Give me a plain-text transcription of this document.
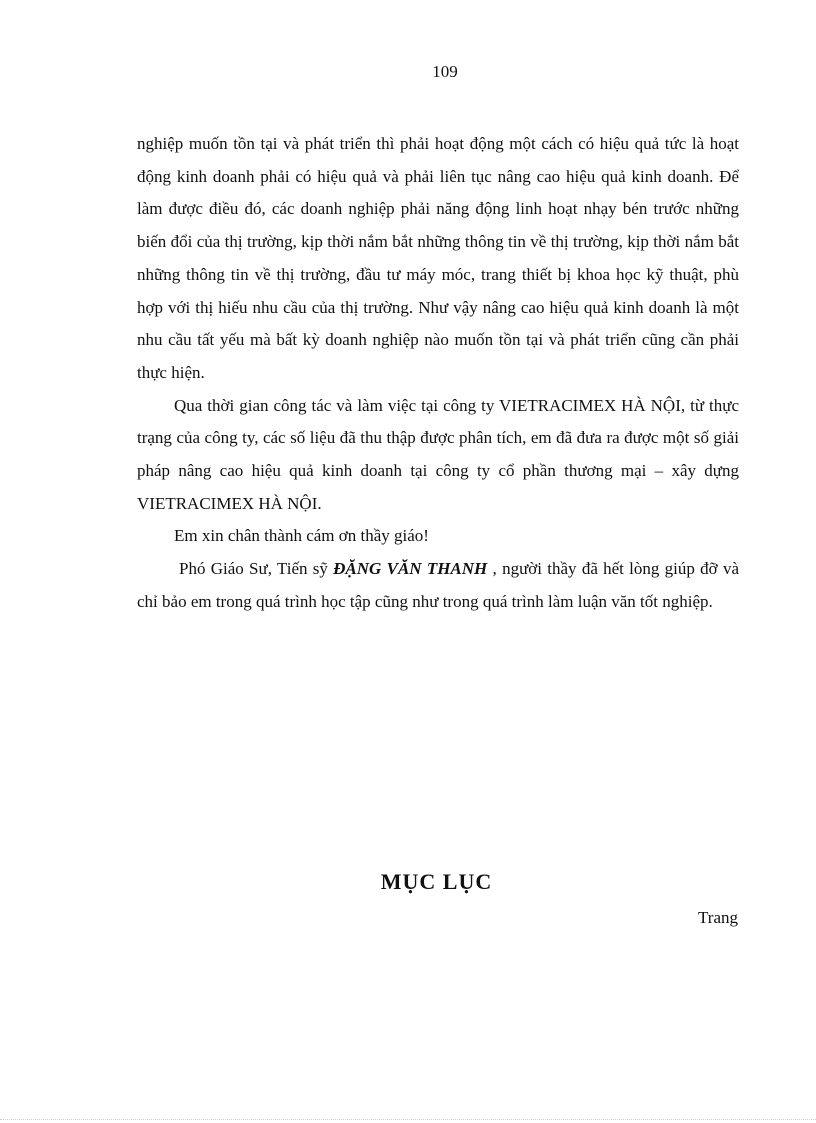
109

nghiệp muốn tồn tại và phát triển thì phải hoạt động một cách có hiệu quả tức là hoạt động kinh doanh phải có hiệu quả và phải liên tục nâng cao hiệu quả kinh doanh. Để làm được điều đó, các doanh nghiệp phải năng động linh hoạt nhạy bén trước những biến đổi của thị trường, kịp thời nắm bắt những thông tin về thị trường, kịp thời nắm bắt những thông tin về thị trường, đầu tư máy móc, trang thiết bị khoa học kỹ thuật, phù hợp với thị hiếu nhu cầu của thị trường. Như vậy nâng cao hiệu quả kinh doanh là một nhu cầu tất yếu mà bất kỳ doanh nghiệp nào muốn tồn tại và phát triển cũng cần phải thực hiện.

Qua thời gian công tác và làm việc tại công ty VIETRACIMEX HÀ NỘI, từ thực trạng của công ty, các số liệu đã thu thập được phân tích, em đã đưa ra được một số giải pháp nâng cao hiệu quả kinh doanh tại công ty cổ phần thương mại – xây dựng VIETRACIMEX HÀ NỘI.

Em xin chân thành cám ơn thầy giáo!

Phó Giáo Sư, Tiến sỹ ĐẶNG VĂN THANH , người thầy đã hết lòng giúp đỡ và chỉ bảo em trong quá trình học tập cũng như trong quá trình làm luận văn tốt nghiệp.

MỤC LỤC
Trang
